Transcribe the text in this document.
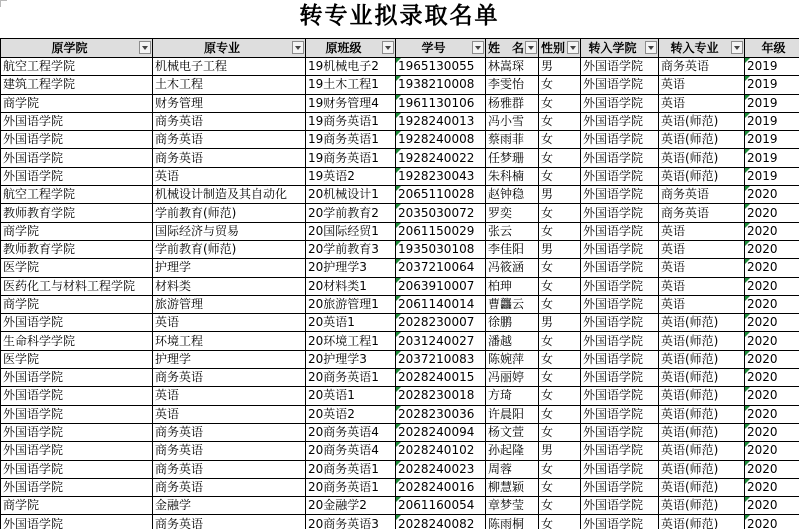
转专业拟录取名单
原学院	原专业	原班级	学号	姓　名	性别	转入学院	转入专业	年级

航空工程学院	机械电子工程	19机械电子2	1965130055	林嵩琛	男	外国语学院	商务英语	2019
建筑工程学院	土木工程	19土木工程1	1938210008	李雯怡	女	外国语学院	英语	2019
商学院	财务管理	19财务管理4	1961130106	杨雅群	女	外国语学院	英语	2019
外国语学院	商务英语	19商务英语1	1928240013	冯小雪	女	外国语学院	英语(师范)	2019
外国语学院	商务英语	19商务英语1	1928240008	蔡雨菲	女	外国语学院	英语(师范)	2019
外国语学院	商务英语	19商务英语1	1928240022	任梦珊	女	外国语学院	英语(师范)	2019
外国语学院	英语	19英语2	1928230043	朱科楠	女	外国语学院	英语(师范)	2019
航空工程学院	机械设计制造及其自动化	20机械设计1	2065110028	赵钟稳	男	外国语学院	商务英语	2020
教师教育学院	学前教育(师范)	20学前教育2	2035030072	罗奕	女	外国语学院	商务英语	2020
商学院	国际经济与贸易	20国际经贸1	2061150029	张云	女	外国语学院	英语	2020
教师教育学院	学前教育(师范)	20学前教育3	1935030108	李佳阳	男	外国语学院	英语	2020
医学院	护理学	20护理学3	2037210064	冯筱涵	女	外国语学院	英语	2020
医药化工与材料工程学院	材料类	20材料类1	2063910007	柏珅	女	外国语学院	英语	2020
商学院	旅游管理	20旅游管理1	2061140014	曹龘云	女	外国语学院	英语	2020
外国语学院	英语	20英语1	2028230007	徐鹏	男	外国语学院	英语(师范)	2020
生命科学学院	环境工程	20环境工程1	2031240027	潘越	女	外国语学院	英语(师范)	2020
医学院	护理学	20护理学3	2037210083	陈婉萍	女	外国语学院	英语(师范)	2020
外国语学院	商务英语	20商务英语1	2028240015	冯丽婷	女	外国语学院	英语(师范)	2020
外国语学院	英语	20英语1	2028230018	方琦	女	外国语学院	英语(师范)	2020
外国语学院	英语	20英语2	2028230036	许晨阳	女	外国语学院	英语(师范)	2020
外国语学院	商务英语	20商务英语4	2028240094	杨文萱	女	外国语学院	英语(师范)	2020
外国语学院	商务英语	20商务英语4	2028240102	孙起隆	男	外国语学院	英语(师范)	2020
外国语学院	商务英语	20商务英语1	2028240023	周蓉	女	外国语学院	英语(师范)	2020
外国语学院	商务英语	20商务英语1	2028240016	柳慧颖	女	外国语学院	英语(师范)	2020
商学院	金融学	20金融学2	2061160054	章梦莹	女	外国语学院	英语(师范)	2020
外国语学院	商务英语	20商务英语3	2028240082	陈雨桐	女	外国语学院	英语(师范)	2020
